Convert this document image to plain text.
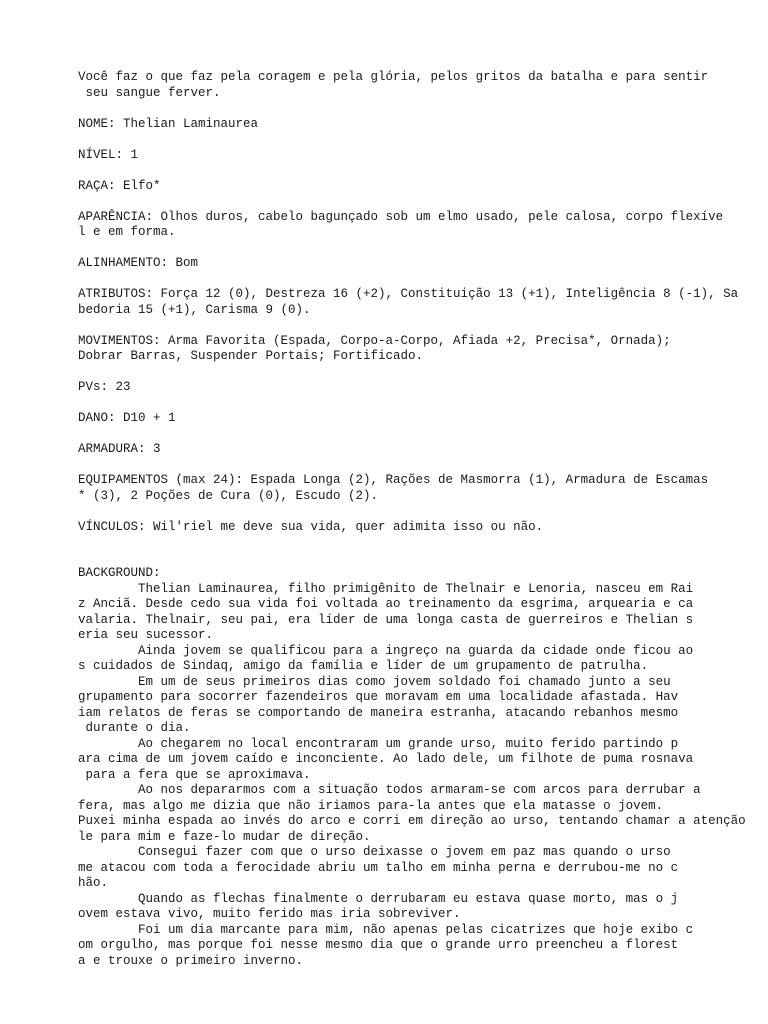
Você faz o que faz pela coragem e pela glória, pelos gritos da batalha e para sentir
seu sangue ferver.
NOME: Thelian Laminaurea
NÍVEL: 1
RAÇA: Elfo*
APARÊNCIA: Olhos duros, cabelo bagunçado sob um elmo usado, pele calosa, corpo flexíve
l e em forma.
ALINHAMENTO: Bom
ATRIBUTOS: Força 12 (0), Destreza 16 (+2), Constituição 13 (+1), Inteligência 8 (-1), Sa
bedoria 15 (+1), Carisma 9 (0).
MOVIMENTOS: Arma Favorita (Espada, Corpo-a-Corpo, Afiada +2, Precisa*, Ornada);
Dobrar Barras, Suspender Portais; Fortificado.
PVs: 23
DANO: D10 + 1
ARMADURA: 3
EQUIPAMENTOS (max 24): Espada Longa (2), Rações de Masmorra (1), Armadura de Escamas
* (3), 2 Poções de Cura (0), Escudo (2).
VÍNCULOS: Wil'riel me deve sua vida, quer adimita isso ou não.
BACKGROUND:
Thelian Laminaurea, filho primigênito de Thelnair e Lenoria, nasceu em Rai
z Anciã. Desde cedo sua vida foi voltada ao treinamento da esgrima, arquearia e ca
valaria. Thelnair, seu pai, era líder de uma longa casta de guerreiros e Thelian s
eria seu sucessor.
Ainda jovem se qualificou para a ingreço na guarda da cidade onde ficou ao
s cuidados de Sindaq, amigo da família e líder de um grupamento de patrulha.
Em um de seus primeiros dias como jovem soldado foi chamado junto a seu
grupamento para socorrer fazendeiros que moravam em uma localidade afastada. Hav
iam relatos de feras se comportando de maneira estranha, atacando rebanhos mesmo
durante o dia.
Ao chegarem no local encontraram um grande urso, muito ferido partindo p
ara cima de um jovem caído e inconciente. Ao lado dele, um filhote de puma rosnava
para a fera que se aproximava.
Ao nos depararmos com a situação todos armaram-se com arcos para derrubar a
fera, mas algo me dizia que não iriamos para-la antes que ela matasse o jovem.
Puxei minha espada ao invés do arco e corri em direção ao urso, tentando chamar a atenção
le para mim e faze-lo mudar de direção.
Consegui fazer com que o urso deixasse o jovem em paz mas quando o urso
me atacou com toda a ferocidade abriu um talho em minha perna e derrubou-me no c
hão.
Quando as flechas finalmente o derrubaram eu estava quase morto, mas o j
ovem estava vivo, muito ferido mas iria sobreviver.
Foi um dia marcante para mim, não apenas pelas cicatrizes que hoje exibo c
om orgulho, mas porque foi nesse mesmo dia que o grande urro preencheu a florest
a e trouxe o primeiro inverno.
